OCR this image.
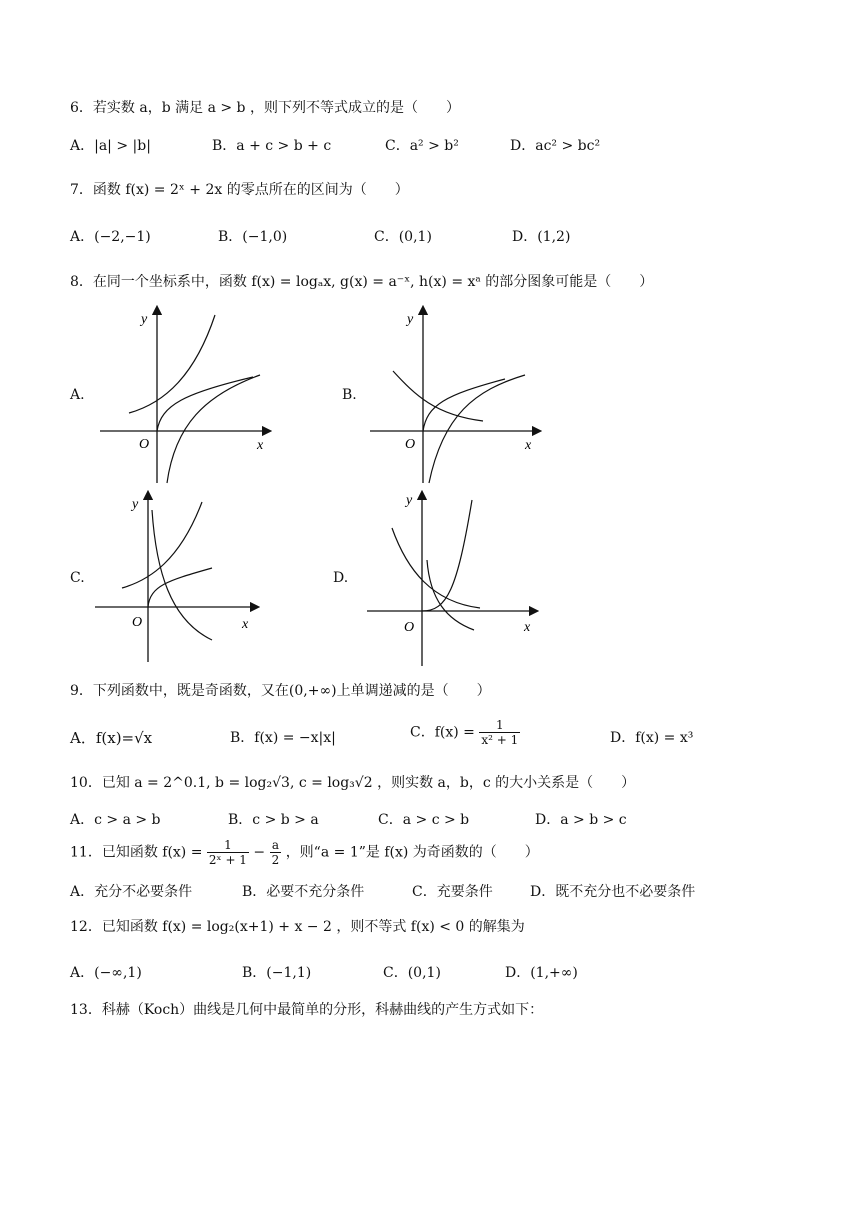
6．若实数 a，b 满足 a > b ，则下列不等式成立的是（　　）
A．|a| > |b|	B．a + c > b + c	C．a² > b²	D．ac² > bc²
7．函数 f(x) = 2ˣ + 2x 的零点所在的区间为（　　）
A．(−2,−1)	B．(−1,0)	C．(0,1)	D．(1,2)
8．在同一个坐标系中，函数 f(x) = logₐx, g(x) = a⁻ˣ, h(x) = xᵃ 的部分图象可能是（　　）
A.
O	x
y
B.
O	x
y
C.
O	x
y
D.
O	x
y
9．下列函数中，既是奇函数，又在(0,+∞)上单调递减的是（　　）
A．f(x)=√x	B．f(x) = −x|x|	C．$f(x) = \frac{1}{\text{x² + 1}}$	D．f(x) = x³
10．已知 a = 2^0.1, b = log₂√3, c = log₃√2 ，则实数 a，b，c 的大小关系是（　　）
A．c > a > b	B．c > b > a	C．a > c > b	D．a > b > c
11．已知函数 $f(x) = \frac{1}{\text{2ˣ + 1}} - \frac{a}{2}$ ，则“a = 1”是 f(x) 为奇函数的（　　）
A．充分不必要条件	B．必要不充分条件	C．充要条件	D．既不充分也不必要条件
12．已知函数 f(x) = log₂(x+1) + x − 2 ，则不等式 f(x) < 0 的解集为
A．(−∞,1)	B．(−1,1)	C．(0,1)	D．(1,+∞)
13．科赫（Koch）曲线是几何中最简单的分形，科赫曲线的产生方式如下：
